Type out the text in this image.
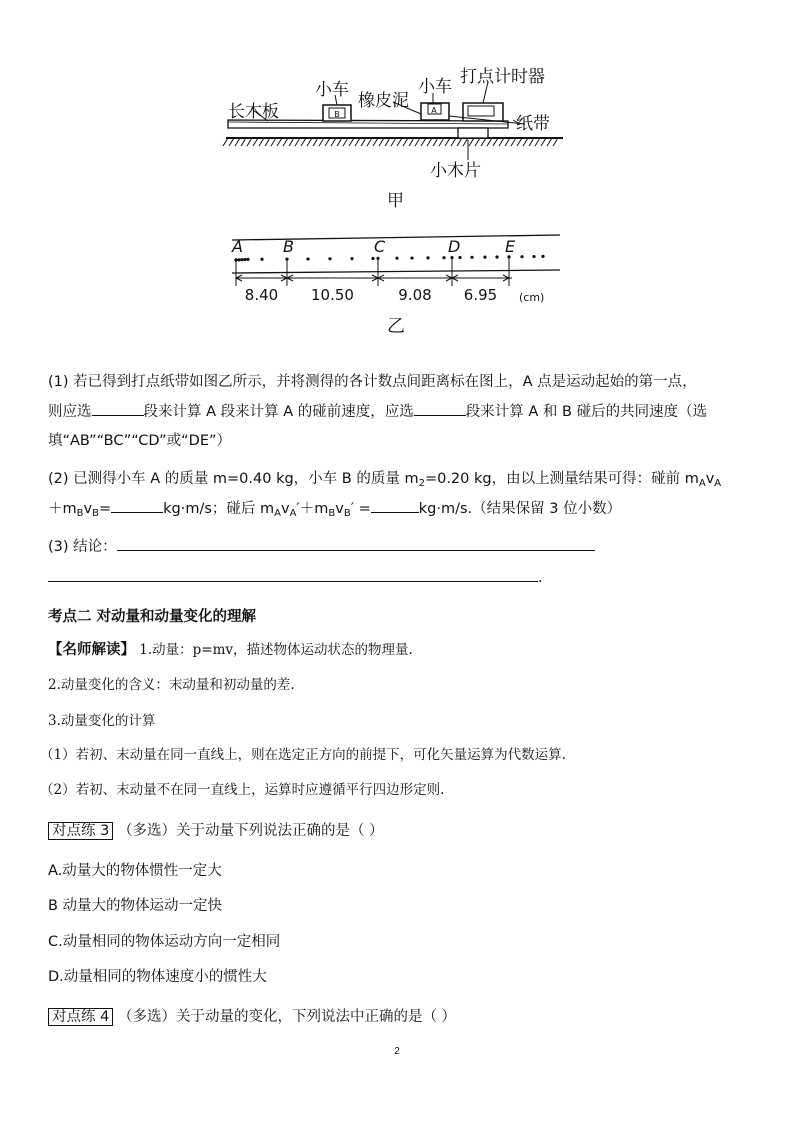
B	A
长木板
小车
橡皮泥
小车 打点计时器
纸带
小木片
甲
A	B	C	D	E
8.40 10.50	9.08 6.95 (cm)
乙
(1) 若已得到打点纸带如图乙所示，并将测得的各计数点间距离标在图上，A 点是运动起始的第一点，
则应选	段来计算 A 段来计算 A 的碰前速度，应选	段来计算 A 和 B 碰后的共同速度（选
填“AB”“BC”“CD”或“DE”）
(2) 已测得小车 A 的质量 m=0.40 kg，小车 B 的质量 $m_2=0.20$ kg，由以上测量结果可得：碰前 $m_Av_A$
$+m_Bv_B=$	kg·m/s；碰后 $m_Av_A'+m_Bv_B'$ =	kg·m/s.（结果保留 3 位小数）
(3) 结论：
.
考点二 对动量和动量变化的理解
【名师解读】 1.动量：p=mv，描述物体运动状态的物理量.
2.动量变化的含义：末动量和初动量的差.
3.动量变化的计算
（1）若初、末动量在同一直线上，则在选定正方向的前提下，可化矢量运算为代数运算.
（2）若初、末动量不在同一直线上，运算时应遵循平行四边形定则.
对点练 3 （多选）关于动量下列说法正确的是（ ）
A.动量大的物体惯性一定大
B 动量大的物体运动一定快
C.动量相同的物体运动方向一定相同
D.动量相同的物体速度小的惯性大
对点练 4 （多选）关于动量的变化，下列说法中正确的是（ ）
2
